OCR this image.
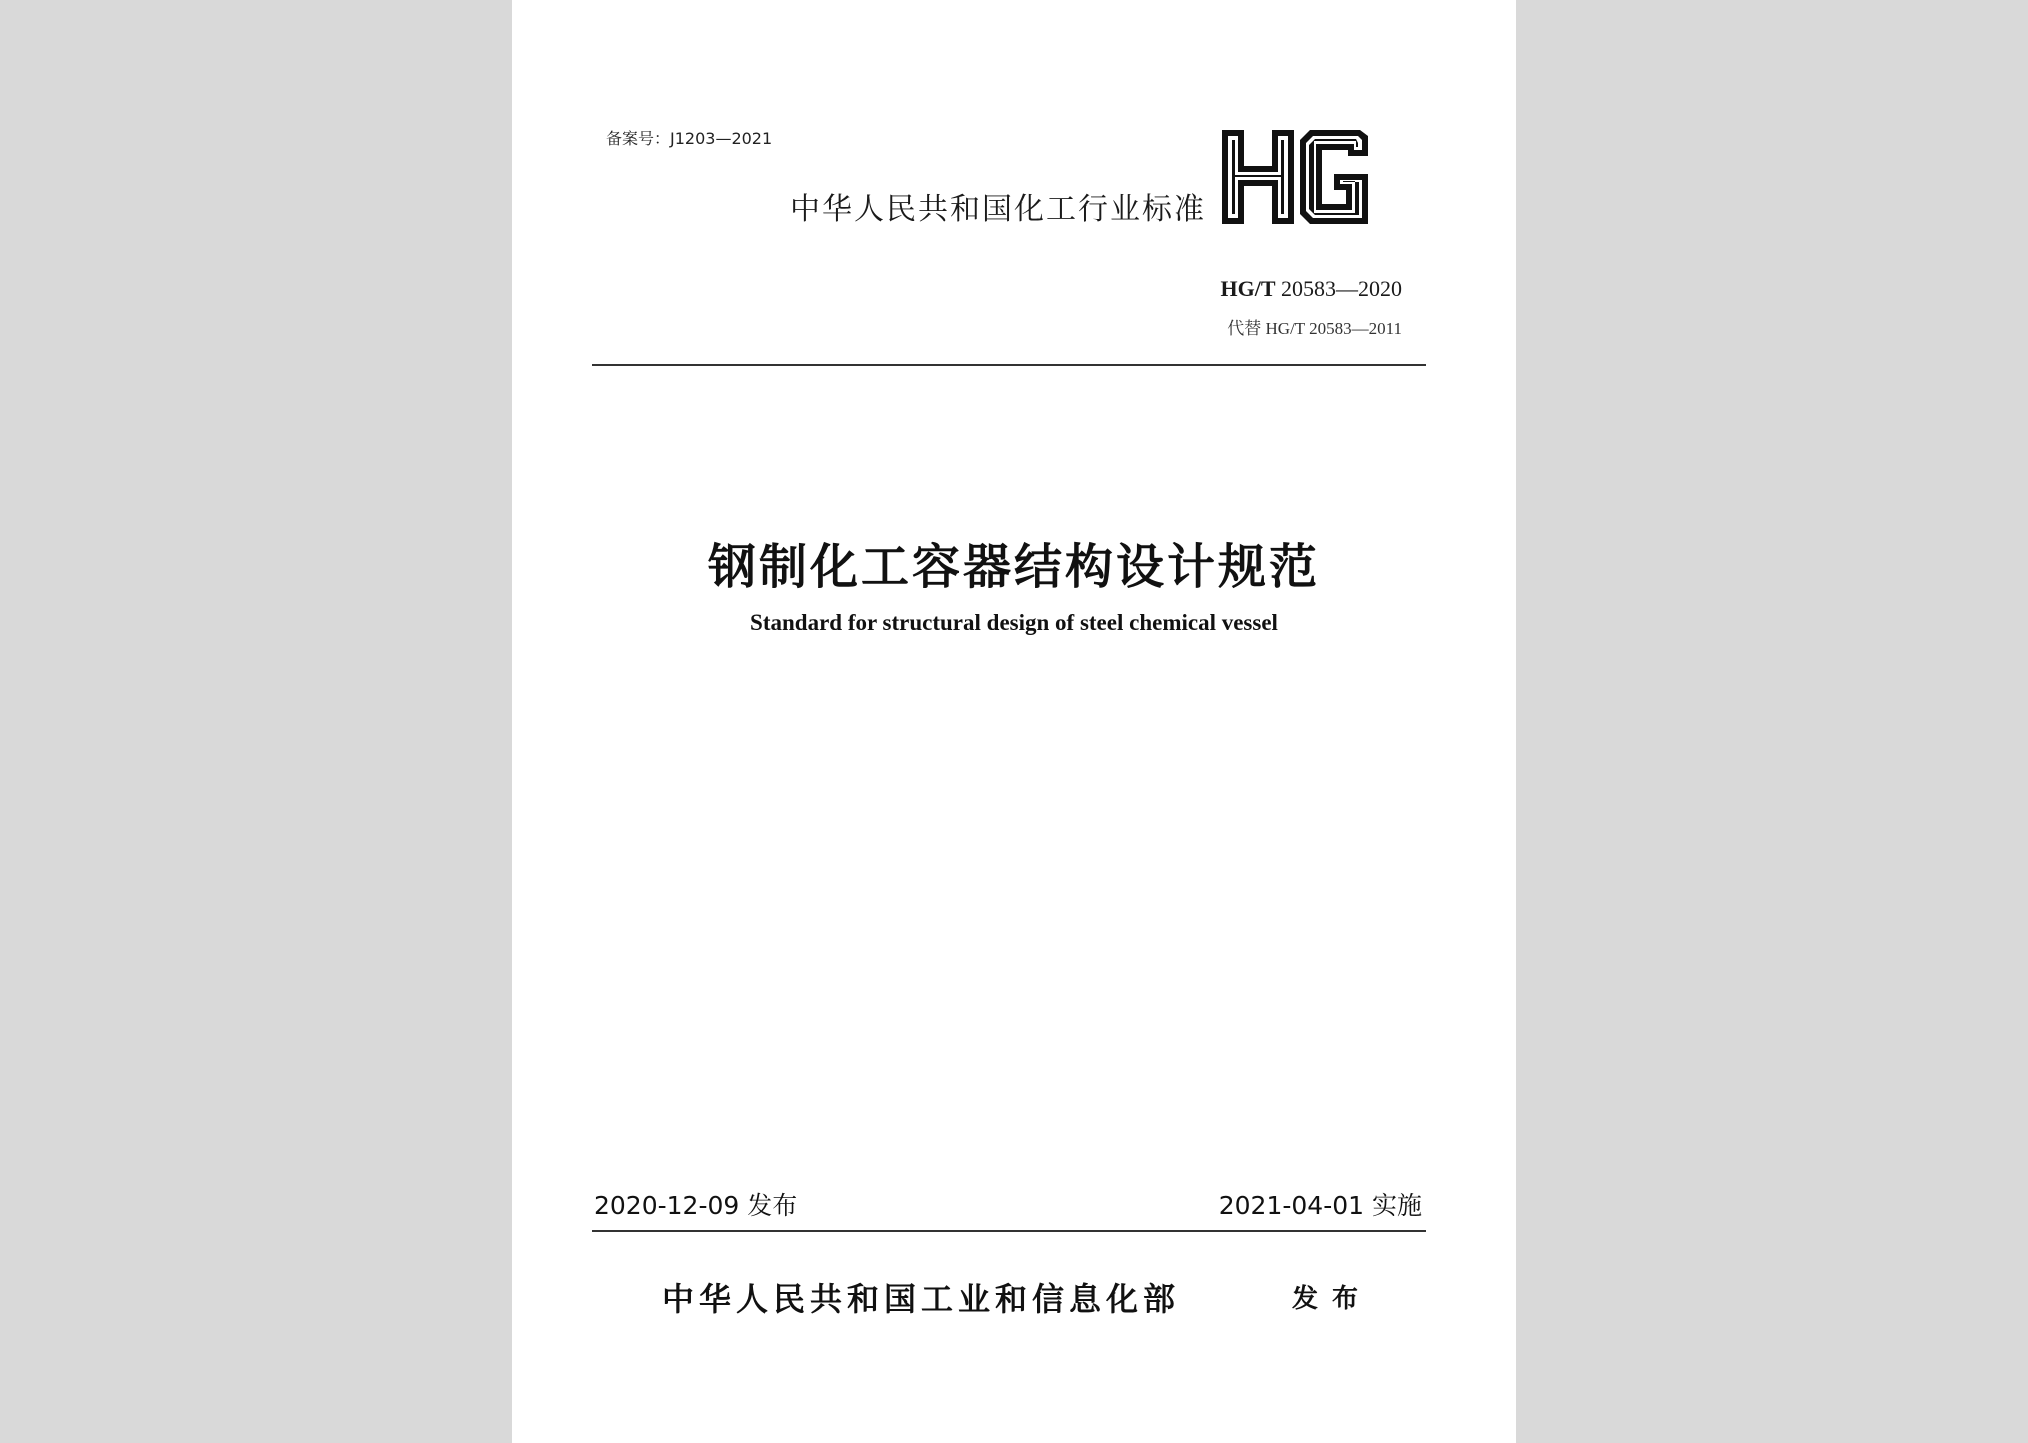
备案号：J1203—2021
中华人民共和国化工行业标准
HG/T 20583—2020
代替 HG/T 20583—2011
钢制化工容器结构设计规范
Standard for structural design of steel chemical vessel
2020-12-09 发布	2021-04-01 实施
中华人民共和国工业和信息化部	发布
